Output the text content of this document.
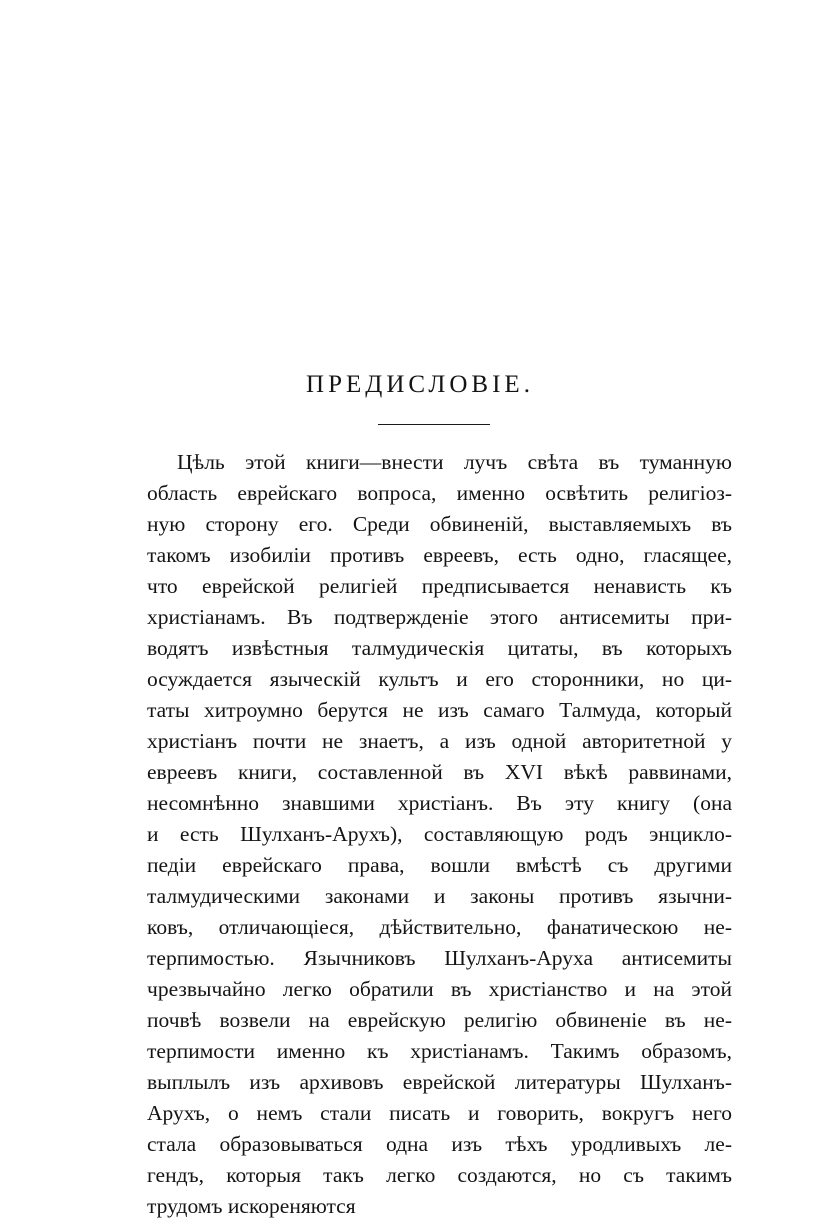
ПРЕДИСЛОВІЕ.
Цѣль этой книги—внести лучъ свѣта въ туманную
область еврейскаго вопроса, именно освѣтить религіоз-
ную сторону его. Среди обвиненій, выставляемыхъ въ
такомъ изобиліи противъ евреевъ, есть одно, гласящее,
что еврейской религіей предписывается ненависть къ
христіанамъ. Въ подтвержденіе этого антисемиты при-
водятъ извѣстныя талмудическія цитаты, въ которыхъ
осуждается языческій культъ и его сторонники, но ци-
таты хитроумно берутся не изъ самаго Талмуда, который
христіанъ почти не знаетъ, а изъ одной авторитетной у
евреевъ книги, составленной въ XVI вѣкѣ раввинами,
несомнѣнно знавшими христіанъ. Въ эту книгу (она
и есть Шулханъ-Арухъ), составляющую родъ энцикло-
педіи еврейскаго права, вошли вмѣстѣ съ другими
талмудическими законами и законы противъ язычни-
ковъ, отличающіеся, дѣйствительно, фанатическою не-
терпимостью. Язычниковъ Шулханъ-Аруха антисемиты
чрезвычайно легко обратили въ христіанство и на этой
почвѣ возвели на еврейскую религію обвиненіе въ не-
терпимости именно къ христіанамъ. Такимъ образомъ,
выплылъ изъ архивовъ еврейской литературы Шулханъ-
Арухъ, о немъ стали писать и говорить, вокругъ него
стала образовываться одна изъ тѣхъ уродливыхъ ле-
гендъ, которыя такъ легко создаются, но съ такимъ
трудомъ искореняются
